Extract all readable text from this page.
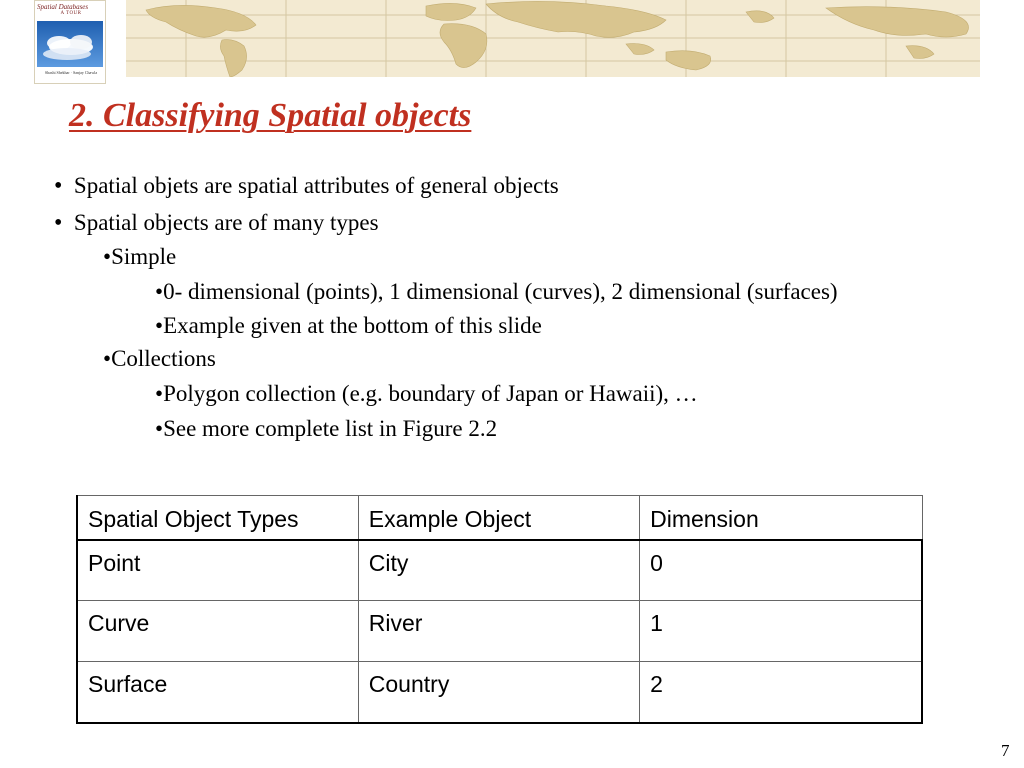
Spatial Databases
A TOUR
Shashi Shekhar · Sanjay Chawla
2. Classifying Spatial objects
• Spatial objets are spatial attributes of general objects
• Spatial objects are of many types
•Simple
•0- dimensional (points), 1 dimensional (curves), 2 dimensional (surfaces)
•Example given at the bottom of this slide
•Collections
•Polygon collection (e.g. boundary of Japan or Hawaii), …
•See more complete list in Figure 2.2
Spatial Object Types	Example Object	Dimension
Point	City	0
Curve	River	1
Surface	Country	2
7
